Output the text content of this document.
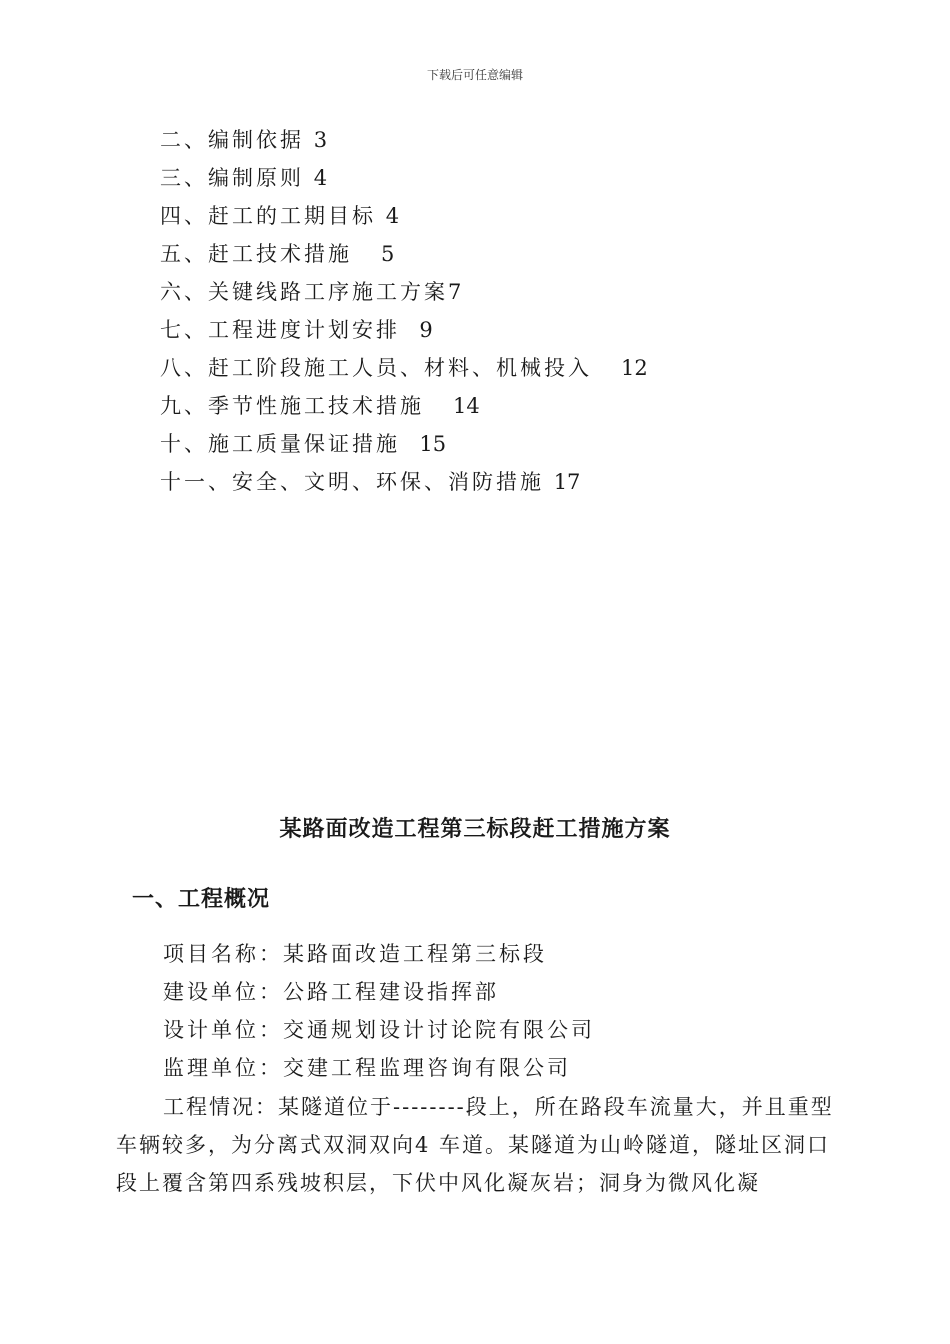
下载后可任意编辑
二、编制依据 3
三、编制原则 4
四、赶工的工期目标 4
五、赶工技术措施 5
六、关键线路工序施工方案7
七、工程进度计划安排 9
八、赶工阶段施工人员、材料、机械投入 12
九、季节性施工技术措施 14
十、施工质量保证措施 15
十一、安全、文明、环保、消防措施 17
某路面改造工程第三标段赶工措施方案
一、工程概况
项目名称：某路面改造工程第三标段
建设单位：公路工程建设指挥部
设计单位：交通规划设计讨论院有限公司
监理单位：交建工程监理咨询有限公司

工程情况：某隧道位于--------段上，所在路段车流量大，并且重型车辆较多，为分离式双洞双向4 车道。某隧道为山岭隧道，隧址区洞口段上覆含第四系残坡积层，下伏中风化凝灰岩；洞身为微风化凝
